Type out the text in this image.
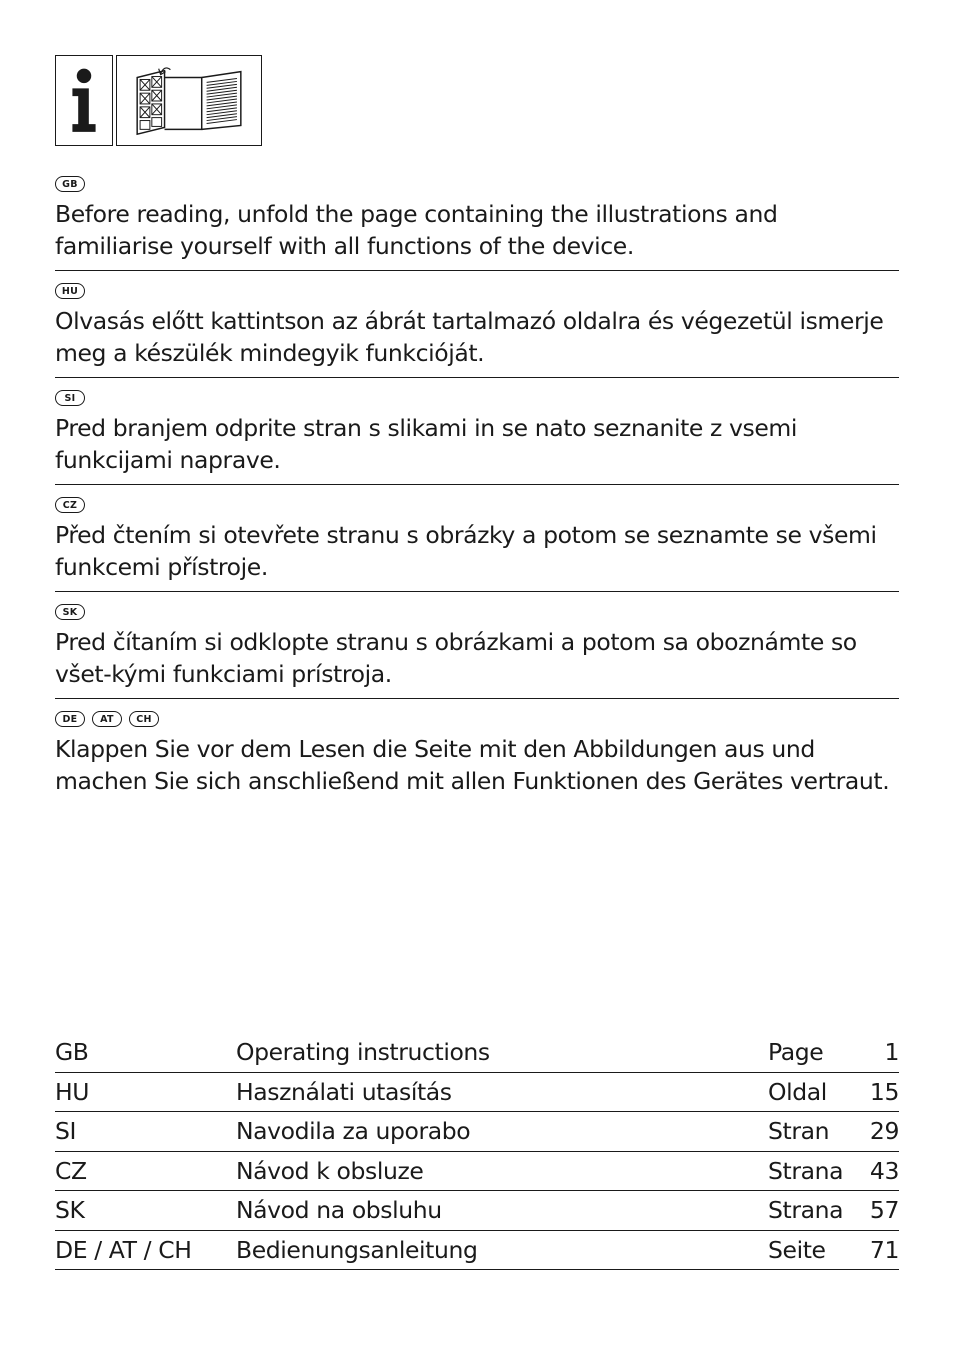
GB

Before reading, unfold the page containing the illustrations and familiarise yourself with all functions of the device.

HU

Olvasás előtt kattintson az ábrát tartalmazó oldalra és végezetül ismerje meg a készülék mindegyik funkcióját.

SI

Pred branjem odprite stran s slikami in se nato seznanite z vsemi funkcijami naprave.

CZ

Před čtením si otevřete stranu s obrázky a potom se seznamte se všemi funkcemi přístroje.

SK

Pred čítaním si odklopte stranu s obrázkami a potom sa oboznámte so všet-kými funkciami prístroja.

DE	AT	CH

Klappen Sie vor dem Lesen die Seite mit den Abbildungen aus und machen Sie sich anschließend mit allen Funktionen des Gerätes vertraut.

GB	Operating instructions	Page	1
HU	Használati utasítás	Oldal	15
SI	Navodila za uporabo	Stran	29
CZ	Návod k obsluze	Strana	43
SK	Návod na obsluhu	Strana	57
DE / AT / CH	Bedienungsanleitung	Seite	71
